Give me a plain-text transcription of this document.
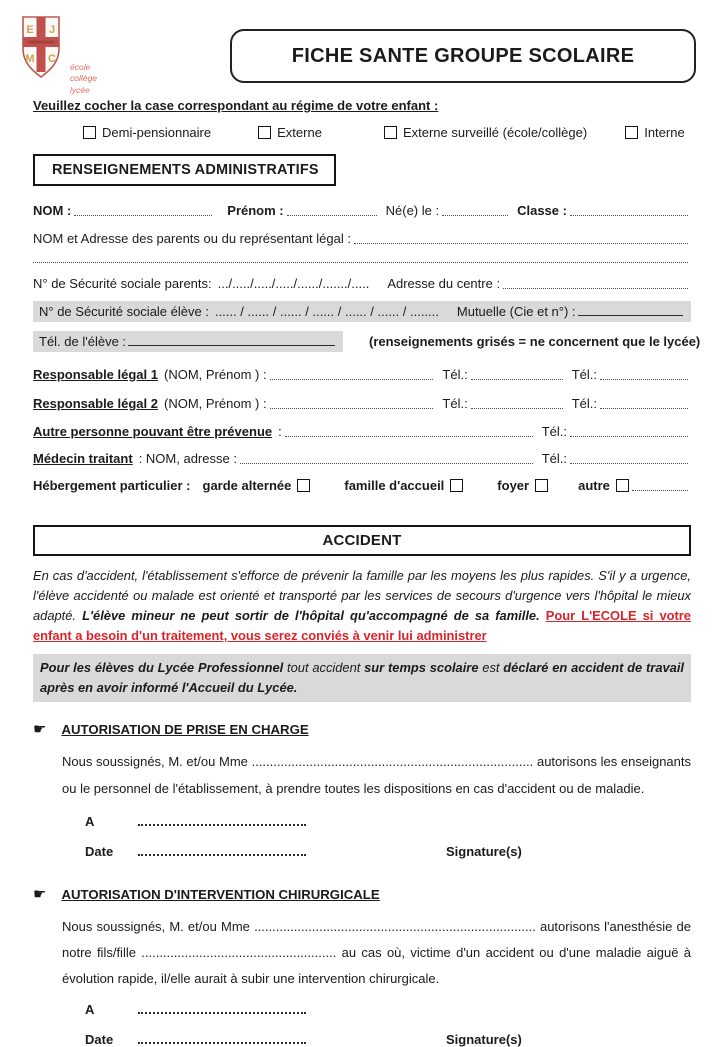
E J
M C
école
collège
lycée
FICHE SANTE GROUPE SCOLAIRE
Veuillez cocher la case correspondant au régime de votre enfant :
Demi-pensionnaire	Externe	Externe surveillé (école/collège)	Interne
RENSEIGNEMENTS ADMINISTRATIFS
NOM :	Prénom :	Né(e) le :	Classe :
NOM et Adresse des parents ou du représentant légal :
N° de Sécurité sociale parents: .../...../...../...../....../......./..... Adresse du centre :
N° de Sécurité sociale élève : ...... / ...... / ...... / ...... / ...... / ...... / ........ Mutuelle (Cie et n°) :
Tél. de l'élève :	(renseignements grisés = ne concernent que le lycée)
Responsable légal 1 (NOM, Prénom ) :	Tél.:	Tél.:
Responsable légal 2 (NOM, Prénom ) :	Tél.:	Tél.:
Autre personne pouvant être prévenue :	Tél.:
Médecin traitant : NOM, adresse :	Tél.:
Hébergement particulier : garde alternée	famille d'accueil	foyer	autre
ACCIDENT
En cas d'accident, l'établissement s'efforce de prévenir la famille par les moyens les plus rapides. S'il y a urgence, l'élève accidenté ou malade est orienté et transporté par les services de secours d'urgence vers l'hôpital le mieux adapté. L'élève mineur ne peut sortir de l'hôpital qu'accompagné de sa famille. Pour L'ECOLE si votre enfant a besoin d'un traitement, vous serez conviés à venir lui administrer
Pour les élèves du Lycée Professionnel tout accident sur temps scolaire est déclaré en accident de travail après en avoir informé l'Accueil du Lycée.
☛ AUTORISATION DE PRISE EN CHARGE
Nous soussignés, M. et/ou Mme .............................................................................. autorisons les enseignants ou le personnel de l'établissement, à prendre toutes les dispositions en cas d'accident ou de maladie.
A
Date	Signature(s)
☛ AUTORISATION D'INTERVENTION CHIRURGICALE
Nous soussignés, M. et/ou Mme .............................................................................. autorisons l'anesthésie de notre fils/fille ...................................................... au cas où, victime d'un accident ou d'une maladie aiguë à évolution rapide, il/elle aurait à subir une intervention chirurgicale.
A
Date	Signature(s)
